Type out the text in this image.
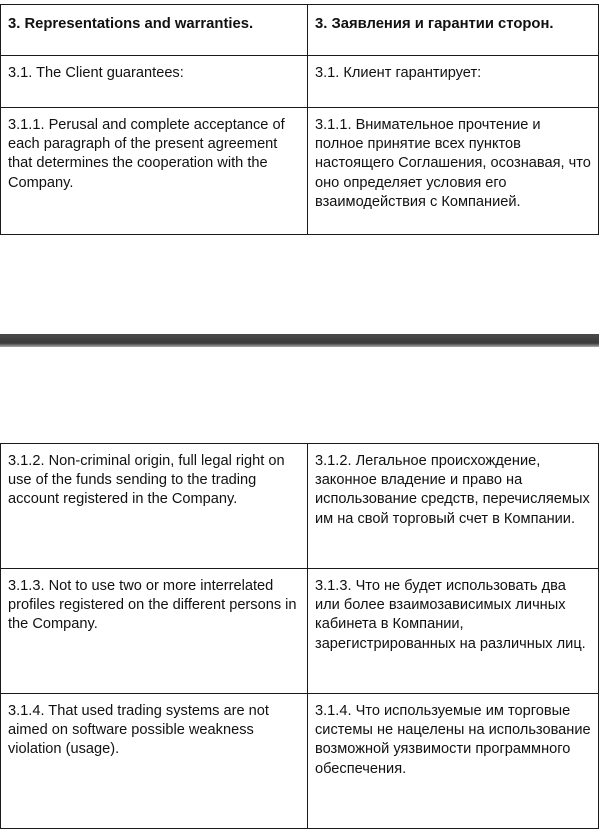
3. Representations and warranties.	3. Заявления и гарантии сторон.
3.1. The Client guarantees:	3.1. Клиент гарантирует:
3.1.1. Perusal and complete acceptance of each paragraph of the present agreement that determines the cooperation with the Company.	3.1.1. Внимательное прочтение и полное принятие всех пунктов настоящего Соглашения, осознавая, что оно определяет условия его взаимодействия с Компанией.
3.1.2. Non-criminal origin, full legal right on use of the funds sending to the trading account registered in the Company.	3.1.2. Легальное происхождение, законное владение и право на использование средств, перечисляемых им на свой торговый счет в Компании.
3.1.3. Not to use two or more interrelated profiles registered on the different persons in the Company.	3.1.3. Что не будет использовать два или более взаимозависимых личных кабинета в Компании, зарегистрированных на различных лиц.
3.1.4. That used trading systems are not aimed on software possible weakness violation (usage).	3.1.4. Что используемые им торговые системы не нацелены на использование возможной уязвимости программного обеспечения.
